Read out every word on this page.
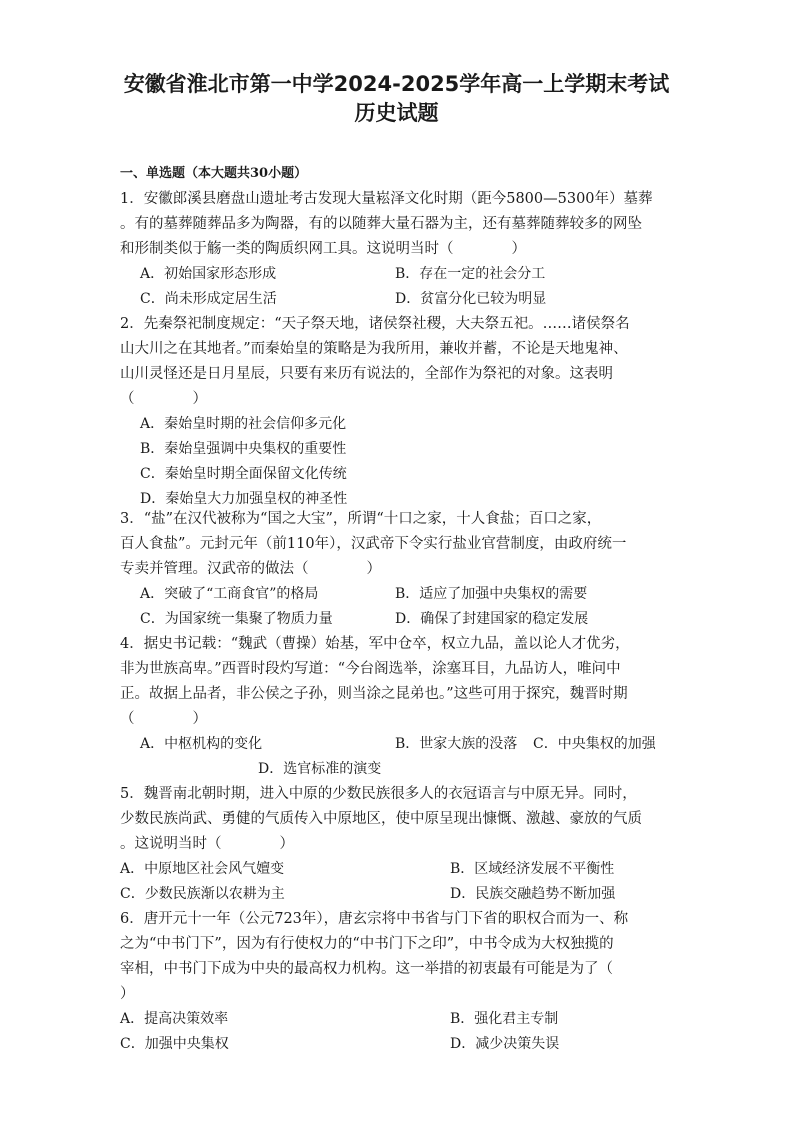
安徽省淮北市第一中学2024-2025学年高一上学期末考试
历史试题
一、单选题（本大题共30小题）
1．安徽郎溪县磨盘山遗址考古发现大量崧泽文化时期（距今5800—5300年）墓葬
。有的墓葬随葬品多为陶器，有的以随葬大量石器为主，还有墓葬随葬较多的网坠
和形制类似于觞一类的陶质织网工具。这说明当时（　　　　）
A．初始国家形态形成	B．存在一定的社会分工
C．尚未形成定居生活	D．贫富分化已较为明显
2．先秦祭祀制度规定：“天子祭天地，诸侯祭社稷，大夫祭五祀。……诸侯祭名
山大川之在其地者。”而秦始皇的策略是为我所用，兼收并蓄，不论是天地鬼神、
山川灵怪还是日月星辰，只要有来历有说法的，全部作为祭祀的对象。这表明
（　　　　）
A．秦始皇时期的社会信仰多元化
B．秦始皇强调中央集权的重要性
C．秦始皇时期全面保留文化传统
D．秦始皇大力加强皇权的神圣性
3．“盐”在汉代被称为“国之大宝”，所谓“十口之家，十人食盐；百口之家，
百人食盐”。元封元年（前110年），汉武帝下令实行盐业官营制度，由政府统一
专卖并管理。汉武帝的做法（　　　　）
A．突破了“工商食官”的格局	B．适应了加强中央集权的需要
C．为国家统一集聚了物质力量	D．确保了封建国家的稳定发展
4．据史书记载：“魏武（曹操）始基，军中仓卒，权立九品，盖以论人才优劣，
非为世族高卑。”西晋时段灼写道：“今台阁选举，涂塞耳目，九品访人，唯问中
正。故据上品者，非公侯之子孙，则当涂之昆弟也。”这些可用于探究，魏晋时期
（　　　　）
A．中枢机构的变化	B．世家大族的没落 C．中央集权的加强
D．选官标准的演变
5．魏晋南北朝时期，进入中原的少数民族很多人的衣冠语言与中原无异。同时，
少数民族尚武、勇健的气质传入中原地区，使中原呈现出慷慨、激越、豪放的气质
。这说明当时（　　　　）
A．中原地区社会风气嬗变	B．区域经济发展不平衡性
C．少数民族渐以农耕为主	D．民族交融趋势不断加强
6．唐开元十一年（公元723年），唐玄宗将中书省与门下省的职权合而为一、称
之为“中书门下”，因为有行使权力的“中书门下之印”，中书令成为大权独揽的
宰相，中书门下成为中央的最高权力机构。这一举措的初衷最有可能是为了（
）
A．提高决策效率	B．强化君主专制
C．加强中央集权	D．减少决策失误
